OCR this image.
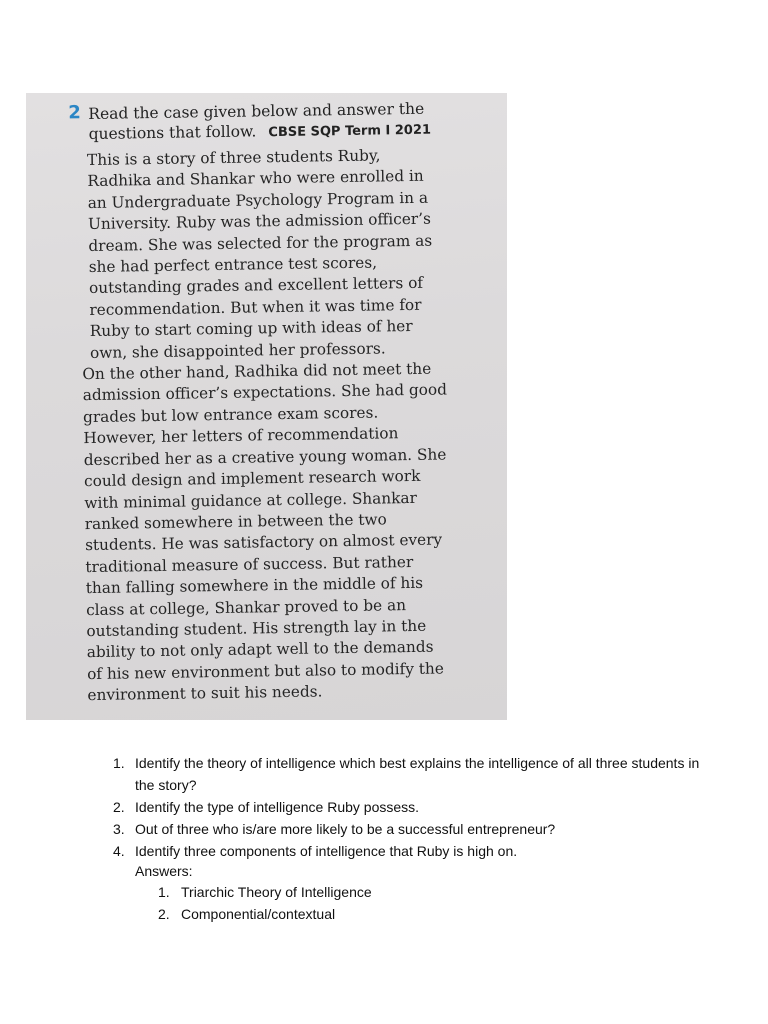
2 Read the case given below and answer the questions that follow. CBSE SQP Term I 2021

This is a story of three students Ruby,
Radhika and Shankar who were enrolled in
an Undergraduate Psychology Program in a
University. Ruby was the admission officer’s
dream. She was selected for the program as
she had perfect entrance test scores,
outstanding grades and excellent letters of
recommendation. But when it was time for
Ruby to start coming up with ideas of her
own, she disappointed her professors.
On the other hand, Radhika did not meet the
admission officer’s expectations. She had good
grades but low entrance exam scores.
However, her letters of recommendation
described her as a creative young woman. She
could design and implement research work
with minimal guidance at college. Shankar
ranked somewhere in between the two
students. He was satisfactory on almost every
traditional measure of success. But rather
than falling somewhere in the middle of his
class at college, Shankar proved to be an
outstanding student. His strength lay in the
ability to not only adapt well to the demands
of his new environment but also to modify the
environment to suit his needs.

1. Identify the theory of intelligence which best explains the intelligence of all three students in the story?
2. Identify the type of intelligence Ruby possess.
3. Out of three who is/are more likely to be a successful entrepreneur?
4. Identify three components of intelligence that Ruby is high on.
Answers:
1. Triarchic Theory of Intelligence
2. Componential/contextual
